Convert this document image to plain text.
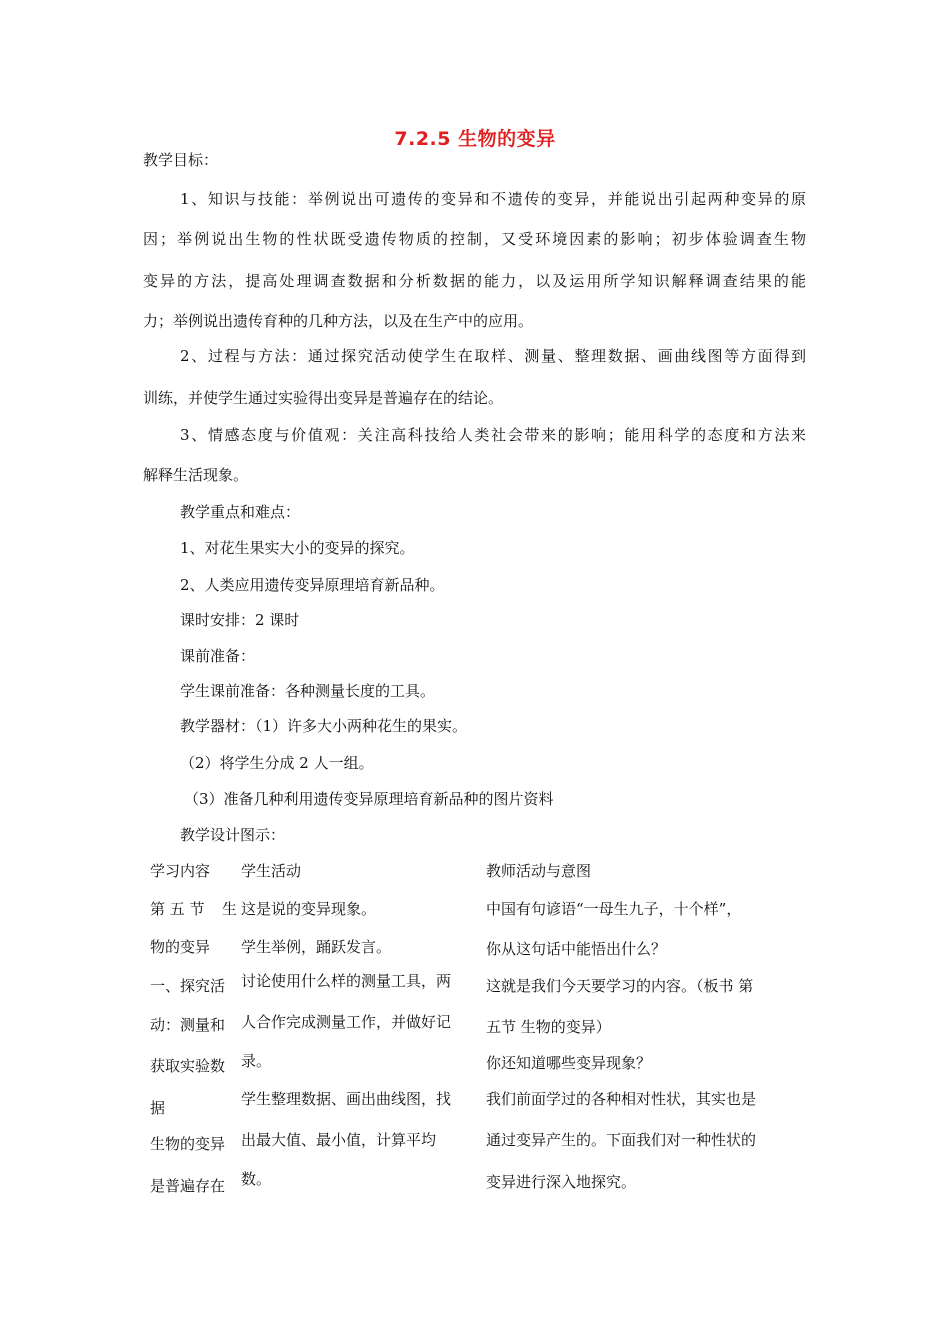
7.2.5 生物的变异
教学目标：
1、知识与技能：举例说出可遗传的变异和不遗传的变异，并能说出引起两种变异的原
因；举例说出生物的性状既受遗传物质的控制，又受环境因素的影响；初步体验调查生物
变异的方法，提高处理调查数据和分析数据的能力，以及运用所学知识解释调查结果的能
力；举例说出遗传育种的几种方法，以及在生产中的应用。
2、过程与方法：通过探究活动使学生在取样、测量、整理数据、画曲线图等方面得到
训练，并使学生通过实验得出变异是普遍存在的结论。
3、情感态度与价值观：关注高科技给人类社会带来的影响；能用科学的态度和方法来
解释生活现象。
教学重点和难点：
1、对花生果实大小的变异的探究。
2、人类应用遗传变异原理培育新品种。
课时安排：2 课时
课前准备：
学生课前准备：各种测量长度的工具。
教学器材：（1）许多大小两种花生的果实。
（2）将学生分成 2 人一组。
（3）准备几种利用遗传变异原理培育新品种的图片资料
教学设计图示：
学习内容 学生活动	教师活动与意图
第 五 节 生
物的变异
一、探究活
动：测量和
获取实验数
据
生物的变异
是普遍存在
这是说的变异现象。
学生举例，踊跃发言。
讨论使用什么样的测量工具，两
人合作完成测量工作，并做好记
录。
学生整理数据、画出曲线图，找
出最大值、最小值，计算平均
数。
中国有句谚语“一母生九子，十个样”，
你从这句话中能悟出什么？
这就是我们今天要学习的内容。（板书 第
五节 生物的变异）
你还知道哪些变异现象？
我们前面学过的各种相对性状，其实也是
通过变异产生的。下面我们对一种性状的
变异进行深入地探究。
